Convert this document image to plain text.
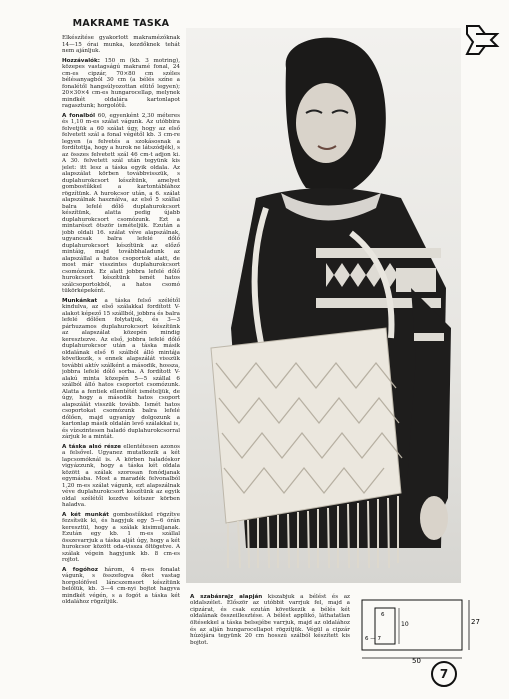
MAKRAMÉ TÁSKA

Elkészítése gyakorlott makramézóknak 14—15 órai munka, kezdőknek tehát nem ajánljuk.

Hozzávalók: 150 m (kb. 3 motring), közepes vastagságú makramé fonal, 24 cm-es cipzár, 70×80 cm széles bélésanyagból 30 cm (a bélés színe a fonalétől hangsúlyozottan elütő legyen); 20×30×4 cm-es hungarocellap, melynek mindkét oldalára kartonlapot ragasztunk; horgolótű.

A fonalból 60, egyenként 2,30 méteres és 1,10 m-es szálat vágunk. Az utóbbira felvetjük a 60 szálat úgy, hogy az első felvetett szál a fonal végétől kb. 3 cm-re legyen (a felvetés a szokásosnak a fordítottja, hogy a hurok ne látszódjék), s az összes felvetett szál 46 cm-t adjon ki. A 30. felvetett szál után tegyünk kis jelet: itt lesz a táska egyik oldala. Az alapszálat körben továbbvisszük, s duplahurokcsort készítünk, amelyet gombostűkkel a kartontáblához rögzítünk. A hurokcsor után, a 6. szálat alapszálnak használva, az első 5 szállal balra lefelé dőlő duplahurokcsort készítünk, alatta pedig újabb duplahurokcsort csomózunk. Ezt a mintarészt ötször ismételjük. Ezután a jobb oldali 16. szálat véve alapszálnak, ugyancsak balra lefelé dőlő duplahurokcsort készítünk az előző mintáig, majd továbbhaladunk az alapszállal a hatos csoportok alatt, de most már visszintes duplahurokcsort csomózunk. Ez alatt jobbra lefelé dőlő hurokcsort készítünk ismét hatos szálcsoportokból, a hatos csomó tükörképeként.

Munkánkat a táska felső szélétől kindulva, az első szálakkal fordított V-alakot képező 15 szállból, jobbra és balra lefelé dőlően folytatjuk, és 3—3 párhuzamos duplahurokcsort készítünk az alapszálat közepén mindig keresztezve. Az első, jobbra lefelé dőlő duplahurokcsor után a táska másik oldalának első 6 szálból álló mintája következik, s ennek alapszálát visszük további aktív szálként a második, hossza, jobbra lefelé dőlő sorba. A fordított V-alakú minta közepén 5—5 szállal 6 szálból álló hatos csoportot csomózunk. Alatta a fentiek ellentétét ismételjük, de úgy, hogy a második hatos csoport alapszálát visszük tovább. Ismét hatos csoportokat csomózunk balra lefelé dőlően, majd ugyanígy dolgozunk a kartonlap másik oldalán levő szálakkal is, és vízszintesen haladó duplahurokcsorral zárjuk le a mintát.

A táska alsó része ellentétesen azonos a felsővel. Ugyanez mutatkozik a két lapcsomóknál is. A körben haladóskor vigyázzunk, hogy a táska két oldala között a szálak szorosan fonódjanak egymásba. Most a maradék felvonalból 1,20 m-es szálat vágunk, ezt alapszálnak véve duplahurokcsort készítünk az egyik oldal szélétől kezdve kétszer körben haladva.

A két munkát gombostűkkel rögzítve fezsítsük ki, és hagyjuk egy 5—6 órán keresztül, hogy a szálak kisimuljanak. Ezután egy kb. 1 m-es szállal összevarrjuk a táska alját úgy, hogy a két hurokcsor között oda-vissza öltögetve. A szálak végein hagyjunk kb. 8 cm-es rojtot.

A fogóhoz három, 4 m-es fonalat vágunk, s összefogva őket vastag horgolófővel láncszemsort készítünk belőlük, kb. 3—4 cm-nyi bojtot hagyva mindkét végén, s a fogót a táska két oldalához rögzítjük.

A szabásrajz alapján kiszabjuk a bélést és az oldalszélet. Először az utóbbit varrjuk fel, majd a cipzárat, és csak ezután következik a bélés két oldalának összeillesztése. A bélést applikó, láthatatlan öltésekkel a táska belsejébe varrjuk, majd az oldalához és az alján hungarocellapot rögzítjük. Végül a cipzár húzójára tegyünk 20 cm hosszú szálból készített kis bojtot.

50
27
10
6 — 7
6
7
